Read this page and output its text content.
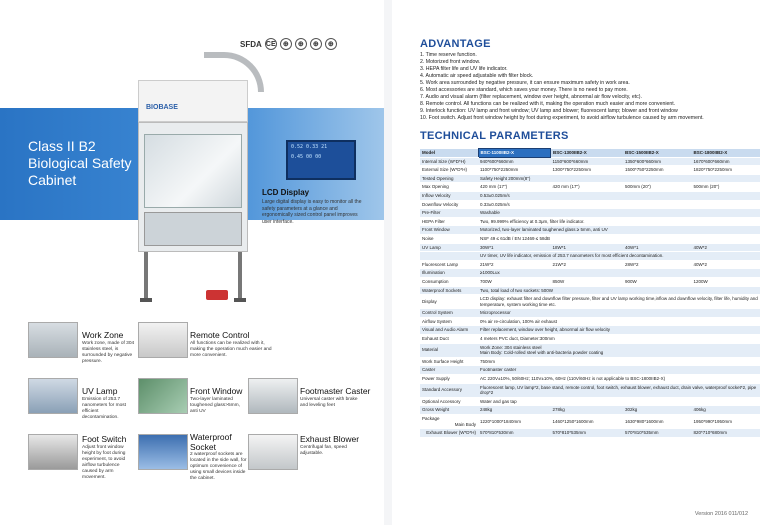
SFDA CE	⊕	⊕	⊕	⊕
Class II B2
Biological Safety
Cabinet
BIOBASE
0.52 0.33 21
0.45 00 00
LCD Display
Large digital display is easy to monitor all the safety parameters at a glance and ergonomically sized control panel improves user interface.
Work Zone
Work zone, made of 304 stainless steel, is surrounded by negative pressure.
Remote Control
All functions can be realized with it, making the operation much easier and more convenient.
UV Lamp
Emission of 253.7 nanometers for most efficient decontamination.
Front Window
Two-layer laminated toughened glass>5mm, anti UV
Footmaster Caster
Universal caster with brake and leveling feet
Foot Switch
Adjust front window height by foot during experiment, to avoid airflow turbulence caused by arm movement.
Waterproof Socket
2 waterproof sockets are located in the side wall, for optimum convenience of using small devices inside the cabinet.
Exhaust Blower
Centrifugal fan, speed adjustable.
ADVANTAGE
1. Time reserve function.
2. Motorized front window.
3. HEPA filter life and UV life indicator.
4. Automatic air speed adjustable with filter block.
5. Work area surrounded by negative pressure, it can ensure maximum safety in work area.
6. Most accessories are standard, which saves your money. There is no need to pay more.
7. Audio and visual alarm (filter replacement, window over height, abnormal air flow velocity, etc).
8. Remote control. All functions can be realized with it, making the operation much easier and more convenient.
9. Interlock function: UV lamp and front window; UV lamp and blower; fluorescent lamp; blower and front window
10. Foot switch. Adjust front window height by foot during experiment, to avoid airflow turbulence caused by arm movement.
TECHNICAL PARAMETERS
Model	BSC-1100IIB2-X	BSC-1300IIB2-X	BSC-1500IIB2-X	BSC-1800IIB2-X
Internal Size (W*D*H)	940*600*660mm	1150*600*660mm	1350*600*660mm	1670*600*660mm
External Size (W*D*H)	1100*750*2250mm	1300*750*2250mm	1500*750*2250mm	1820*750*2250mm
Tested Opening	Safety Height 200mm(8")			

Max Opening	420 mm (17")	420 mm (17")	500mm (20")	500mm (20")
Inflow Velocity	0.53±0.025m/s			

Downflow Velocity	0.33±0.025m/s			

Pre-Filter	Washable			

HEPA Filter	Two, 99.999% efficiency at 0.3μm, filter life indicator.			

Front Window	Motorized, two-layer laminated toughened glass ≥ 5mm, anti UV			

Noise	NSF 49 ≤ 61dB / EN 12469 ≤ 58dB			

UV Lamp	30W*1	18W*1	40W*1	40W*2
	UV timer, UV life indicator, emission of 253.7 nanometers for most efficient decontamination.			
Fluorescent Lamp	21W*2	21W*2	28W*2	40W*2
Illumination	≥1000Lux			

Consumption	700W	850W	900W	1200W
Waterproof Sockets	Two, total load of two sockets: 500W			

Display	LCD display: exhaust filter and downflow filter pressure, filter and UV lamp working time,inflow and downflow velocity, filter life, humidity and temperature, system working time etc.			

Control System	Microprocessor			

Airflow System	0% air re-circulation, 100% air exhaust			

Visual and Audio Alarm	Filter replacement, window over height, abnormal air flow velocity			

Exhaust Duct	4 meters PVC duct, Diameter:300mm			

Material	Work Zone: 304 stainless steel
Main Body: Cold-rolled steel with anti-bacteria powder coating			

Work Surface Height	750mm			

Caster	Footmaster caster			

Power Supply	AC 220V±10%, 50/60Hz; 110V±10%, 60Hz (110V/60Hz is not applicable to BSC-1800IIB2-X)			

Standard Accessory	Fluorescent lamp, UV lamp*2, base stand, remote control, foot switch, exhaust blower, exhaust duct, drain valve, waterproof socket*2, pipe drop*2			

Optional Accessory	Water and gas tap			

Gross Weight	248kg	278kg	302kg	406kg
Package
Main Body	1220*1000*1840mm	1460*1250*1600mm	1630*980*1600mm	1950*990*1950mm

Exhaust Blower (W*D*H)	570*810*530mm	570*810*535mm	570*810*535mm	820*710*680mm
Version 2016 011/012
